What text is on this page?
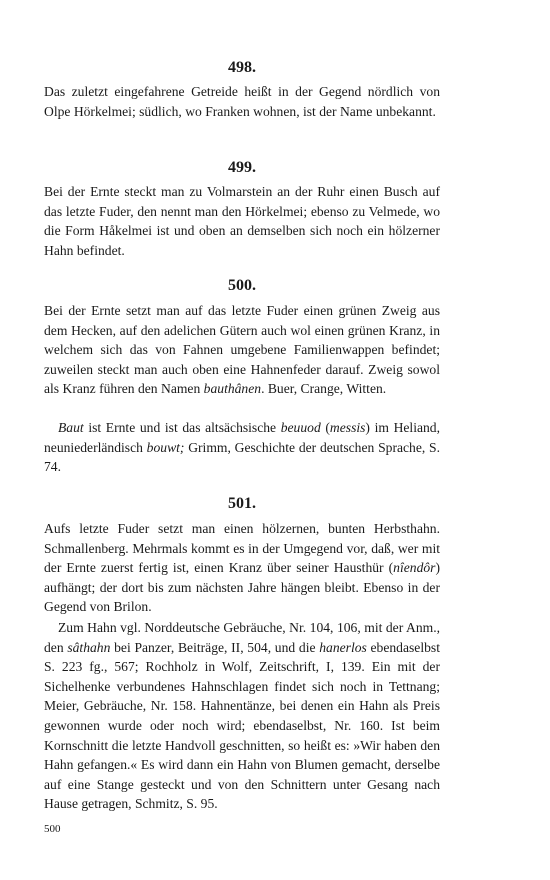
498.

Das zuletzt eingefahrene Getreide heißt in der Gegend nördlich von Olpe Hörkelmei; südlich, wo Franken wohnen, ist der Name unbekannt.

499.

Bei der Ernte steckt man zu Volmarstein an der Ruhr einen Busch auf das letzte Fuder, den nennt man den Hörkelmei; ebenso zu Velmede, wo die Form Håkelmei ist und oben an demselben sich noch ein hölzerner Hahn befindet.

500.

Bei der Ernte setzt man auf das letzte Fuder einen grünen Zweig aus dem Hecken, auf den adelichen Gütern auch wol einen grünen Kranz, in welchem sich das von Fahnen umgebene Familienwappen befindet; zuweilen steckt man auch oben eine Hahnenfeder darauf. Zweig sowol als Kranz führen den Namen bauthânen. Buer, Crange, Witten.

Baut ist Ernte und ist das altsächsische beuuod (messis) im Heliand, neuniederländisch bouwt; Grimm, Geschichte der deutschen Sprache, S. 74.

501.

Aufs letzte Fuder setzt man einen hölzernen, bunten Herbsthahn. Schmallenberg. Mehrmals kommt es in der Umgegend vor, daß, wer mit der Ernte zuerst fertig ist, einen Kranz über seiner Hausthür (nîendôr) aufhängt; der dort bis zum nächsten Jahre hängen bleibt. Ebenso in der Gegend von Brilon.

Zum Hahn vgl. Norddeutsche Gebräuche, Nr. 104, 106, mit der Anm., den sâthahn bei Panzer, Beiträge, II, 504, und die hanerlos ebendaselbst S. 223 fg., 567; Rochholz in Wolf, Zeitschrift, I, 139. Ein mit der Sichelhenke verbundenes Hahnschlagen findet sich noch in Tettnang; Meier, Gebräuche, Nr. 158. Hahnentänze, bei denen ein Hahn als Preis gewonnen wurde oder noch wird; ebendaselbst, Nr. 160. Ist beim Kornschnitt die letzte Handvoll geschnitten, so heißt es: »Wir haben den Hahn gefangen.« Es wird dann ein Hahn von Blumen gemacht, derselbe auf eine Stange gesteckt und von den Schnittern unter Gesang nach Hause getragen, Schmitz, S. 95.

500
